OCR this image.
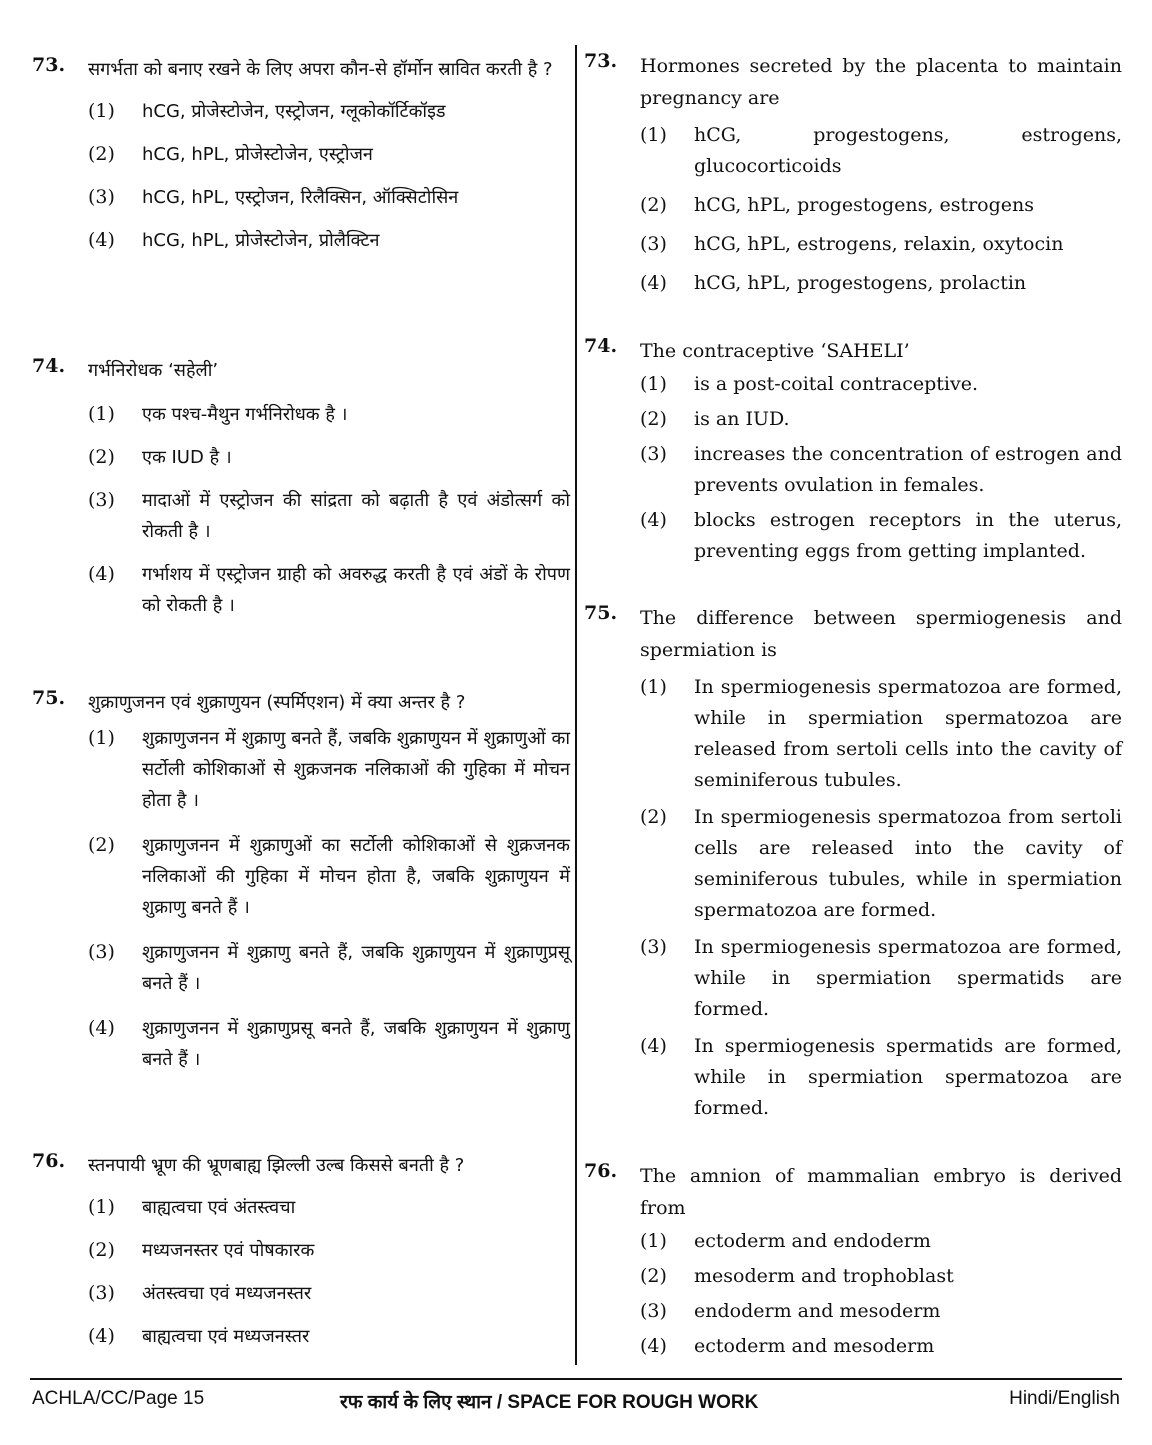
73.	सगर्भता को बनाए रखने के लिए अपरा कौन-से हॉर्मोन स्रावित करती है ?
(1)	hCG, प्रोजेस्टोजेन, एस्ट्रोजन, ग्लूकोकॉर्टिकॉइड
(2)	hCG, hPL, प्रोजेस्टोजेन, एस्ट्रोजन
(3)	hCG, hPL, एस्ट्रोजन, रिलैक्सिन, ऑक्सिटोसिन
(4)	hCG, hPL, प्रोजेस्टोजेन, प्रोलैक्टिन
74.	गर्भनिरोधक ‘सहेली’
(1)	एक पश्च-मैथुन गर्भनिरोधक है ।
(2)	एक IUD है ।
(3)	मादाओं में एस्ट्रोजन की सांद्रता को बढ़ाती है एवं अंडोत्सर्ग को रोकती है ।
(4)	गर्भाशय में एस्ट्रोजन ग्राही को अवरुद्ध करती है एवं अंडों के रोपण को रोकती है ।
75.	शुक्राणुजनन एवं शुक्राणुयन (स्पर्मिएशन) में क्या अन्तर है ?
(1)	शुक्राणुजनन में शुक्राणु बनते हैं, जबकि शुक्राणुयन में शुक्राणुओं का सर्टोली कोशिकाओं से शुक्रजनक नलिकाओं की गुहिका में मोचन होता है ।
(2)	शुक्राणुजनन में शुक्राणुओं का सर्टोली कोशिकाओं से शुक्रजनक नलिकाओं की गुहिका में मोचन होता है, जबकि शुक्राणुयन में शुक्राणु बनते हैं ।
(3)	शुक्राणुजनन में शुक्राणु बनते हैं, जबकि शुक्राणुयन में शुक्राणुप्रसू बनते हैं ।
(4)	शुक्राणुजनन में शुक्राणुप्रसू बनते हैं, जबकि शुक्राणुयन में शुक्राणु बनते हैं ।
76.	स्तनपायी भ्रूण की भ्रूणबाह्य झिल्ली उल्ब किससे बनती है ?
(1)	बाह्यत्वचा एवं अंतस्त्वचा
(2)	मध्यजनस्तर एवं पोषकारक
(3)	अंतस्त्वचा एवं मध्यजनस्तर
(4)	बाह्यत्वचा एवं मध्यजनस्तर
73.	Hormones secreted by the placenta to maintain pregnancy are
(1)	hCG, progestogens, estrogens, glucocorticoids
(2)	hCG, hPL, progestogens, estrogens
(3)	hCG, hPL, estrogens, relaxin, oxytocin
(4)	hCG, hPL, progestogens, prolactin
74.	The contraceptive ‘SAHELI’
(1)	is a post-coital contraceptive.
(2)	is an IUD.
(3)	increases the concentration of estrogen and prevents ovulation in females.
(4)	blocks estrogen receptors in the uterus, preventing eggs from getting implanted.
75.	The difference between spermiogenesis and spermiation is
(1)	In spermiogenesis spermatozoa are formed, while in spermiation spermatozoa are released from sertoli cells into the cavity of seminiferous tubules.
(2)	In spermiogenesis spermatozoa from sertoli cells are released into the cavity of seminiferous tubules, while in spermiation spermatozoa are formed.
(3)	In spermiogenesis spermatozoa are formed, while in spermiation spermatids are formed.
(4)	In spermiogenesis spermatids are formed, while in spermiation spermatozoa are formed.
76.	The amnion of mammalian embryo is derived from
(1)	ectoderm and endoderm
(2)	mesoderm and trophoblast
(3)	endoderm and mesoderm
(4)	ectoderm and mesoderm
ACHLA/CC/Page 15	रफ कार्य के लिए स्थान / SPACE FOR ROUGH WORK	Hindi/English
